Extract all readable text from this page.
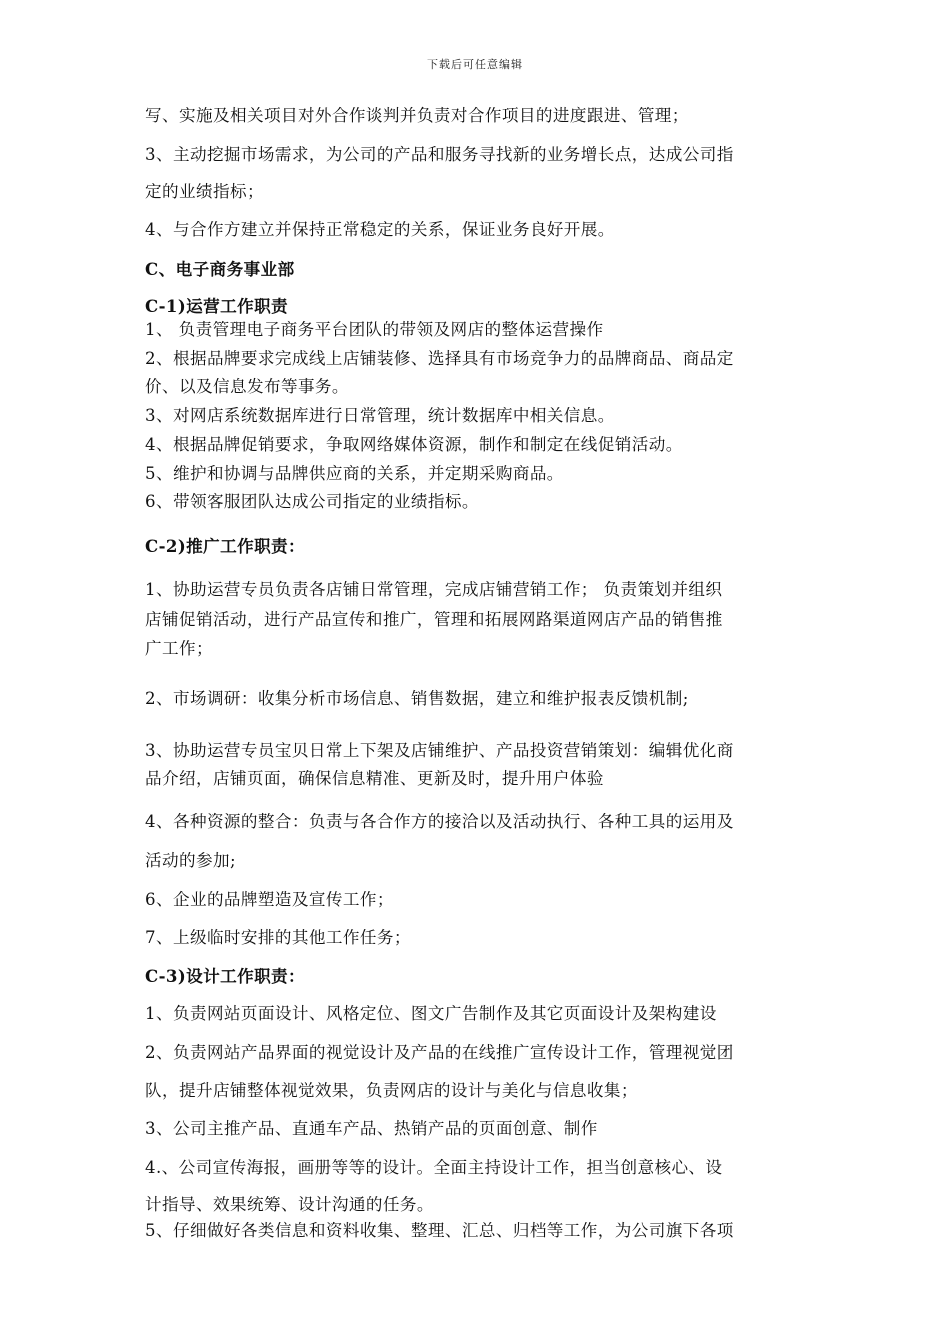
下载后可任意编辑
写、实施及相关项目对外合作谈判并负责对合作项目的进度跟进、管理；
3、主动挖掘市场需求，为公司的产品和服务寻找新的业务增长点，达成公司指
定的业绩指标；
4、与合作方建立并保持正常稳定的关系，保证业务良好开展。
C、电子商务事业部
C-1)运营工作职责
1、 负责管理电子商务平台团队的带领及网店的整体运营操作
2、根据品牌要求完成线上店铺装修、选择具有市场竞争力的品牌商品、商品定
价、以及信息发布等事务。
3、对网店系统数据库进行日常管理，统计数据库中相关信息。
4、根据品牌促销要求，争取网络媒体资源，制作和制定在线促销活动。
5、维护和协调与品牌供应商的关系，并定期采购商品。
6、带领客服团队达成公司指定的业绩指标。
C-2)推广工作职责：
1、协助运营专员负责各店铺日常管理，完成店铺营销工作； 负责策划并组织
店铺促销活动，进行产品宣传和推广，管理和拓展网路渠道网店产品的销售推
广工作；
2、市场调研：收集分析市场信息、销售数据，建立和维护报表反馈机制;
3、协助运营专员宝贝日常上下架及店铺维护、产品投资营销策划：编辑优化商
品介绍，店铺页面，确保信息精准、更新及时，提升用户体验
4、各种资源的整合：负责与各合作方的接洽以及活动执行、各种工具的运用及
活动的参加;
6、企业的品牌塑造及宣传工作；
7、上级临时安排的其他工作任务；
C-3)设计工作职责：
1、负责网站页面设计、风格定位、图文广告制作及其它页面设计及架构建设
2、负责网站产品界面的视觉设计及产品的在线推广宣传设计工作，管理视觉团
队，提升店铺整体视觉效果，负责网店的设计与美化与信息收集；
3、公司主推产品、直通车产品、热销产品的页面创意、制作
4.、公司宣传海报，画册等等的设计。全面主持设计工作，担当创意核心、设
计指导、效果统筹、设计沟通的任务。
5、仔细做好各类信息和资料收集、整理、汇总、归档等工作，为公司旗下各项
